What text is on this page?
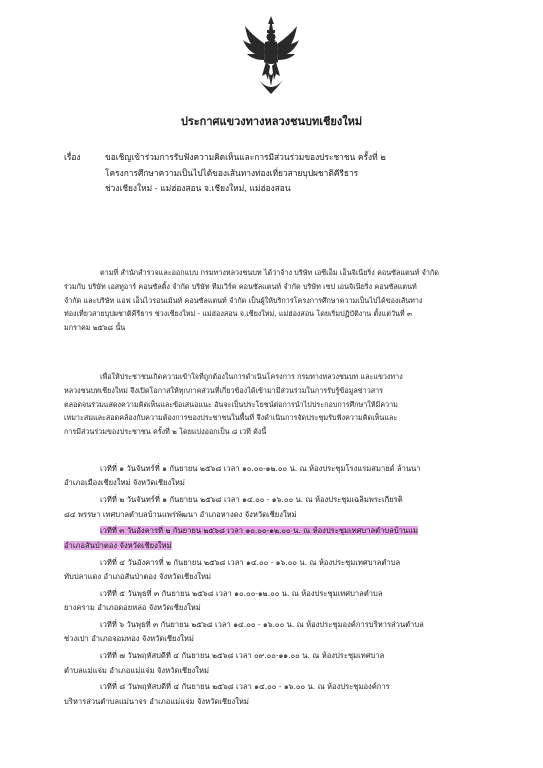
ประกาศแขวงทางหลวงชนบทเชียงใหม่
เรื่อง	ขอเชิญเข้าร่วมการรับฟังความคิดเห็นและการมีส่วนร่วมของประชาชน ครั้งที่ ๒
โครงการศึกษาความเป็นไปได้ของเส้นทางท่องเที่ยวสายบุปผชาติคีรีธาร
ช่วงเชียงใหม่ - แม่ฮ่องสอน จ.เชียงใหม่, แม่ฮ่องสอน
ตามที่ สำนักสำรวจและออกแบบ กรมทางหลวงชนบท ได้ว่าจ้าง บริษัท เอซีเอ็ม เอ็นจิเนียริ่ง คอนซัลแตนท์ จำกัด
ร่วมกับ บริษัท เอสทูอาร์ คอนซัลติ้ง จำกัด บริษัท ทีมเวิร์ค คอนซัลแตนท์ จำกัด บริษัท เซป เอนจิเนียริ่ง คอนซัลแตนท์
จำกัด และบริษัท แอฟ เอ็นไวรอนเม้นท์ คอนซัลแตนท์ จำกัด เป็นผู้ให้บริการโครงการศึกษาความเป็นไปได้ของเส้นทาง
ท่องเที่ยวสายบุปผชาติคีรีธาร ช่วงเชียงใหม่ - แม่ฮ่องสอน จ.เชียงใหม่, แม่ฮ่องสอน โดยเริ่มปฏิบัติงาน ตั้งแต่วันที่ ๓
มกราคม ๒๕๖๘ นั้น
เพื่อให้ประชาชนเกิดความเข้าใจที่ถูกต้องในการดำเนินโครงการ กรมทางหลวงชนบท และแขวงทาง
หลวงชนบทเชียงใหม่ จึงเปิดโอกาสให้ทุกภาคส่วนที่เกี่ยวข้องได้เข้ามามีส่วนร่วมในการรับรู้ข้อมูลข่าวสาร
ตลอดจนร่วมแสดงความคิดเห็นและข้อเสนอแนะ อันจะเป็นประโยชน์ต่อการนำไปประกอบการศึกษาให้มีความ
เหมาะสมและสอดคล้องกับความต้องการของประชาชนในพื้นที่ จึงดำเนินการจัดประชุมรับฟังความคิดเห็นและ
การมีส่วนร่วมของประชาชน ครั้งที่ ๒ โดยแบ่งออกเป็น ๘ เวที ดังนี้
เวทีที่ ๑ วันจันทร์ที่ ๑ กันยายน ๒๕๖๘ เวลา ๑๐.๐๐-๑๒.๐๐ น. ณ ห้องประชุมโรงแรมสมายด์ ล้านนา
อำเภอเมืองเชียงใหม่ จังหวัดเชียงใหม่
เวทีที่ ๒ วันจันทร์ที่ ๑ กันยายน ๒๕๖๘ เวลา ๑๔.๐๐ - ๑๖.๐๐ น. ณ ห้องประชุมเฉลิมพระเกียรติ
๘๔ พรรษา เทศบาลตำบลบ้านแพร่พัฒนา อำเภอหางดง จังหวัดเชียงใหม่
เวทีที่ ๓ วันอังคารที่ ๒ กันยายน ๒๕๖๘ เวลา ๑๐.๐๐-๑๒.๐๐ น. ณ ห้องประชุมเทศบาลตำบลบ้านแม
อำเภอสันป่าตอง จังหวัดเชียงใหม่
เวทีที่ ๔ วันอังคารที่ ๒ กันยายน ๒๕๖๘ เวลา ๑๔.๐๐ - ๑๖.๐๐ น. ณ ห้องประชุมเทศบาลตำบล
ทับปลาแดง อำเภอสันป่าตอง จังหวัดเชียงใหม่
เวทีที่ ๕ วันพุธที่ ๓ กันยายน ๒๕๖๘ เวลา ๑๐.๐๐-๑๒.๐๐ น. ณ ห้องประชุมเทศบาลตำบล
ยางคราม อำเภอดอยหล่อ จังหวัดเชียงใหม่
เวทีที่ ๖ วันพุธที่ ๓ กันยายน ๒๕๖๘ เวลา ๑๔.๐๐ - ๑๖.๐๐ น. ณ ห้องประชุมองค์การบริหารส่วนตำบล
ช่วงเปา อำเภอจอมทอง จังหวัดเชียงใหม่
เวทีที่ ๗ วันพฤหัสบดีที่ ๔ กันยายน ๒๕๖๘ เวลา ๐๙.๐๐-๑๑.๐๐ น. ณ ห้องประชุมเทศบาล
ตำบลแม่แจ่ม อำเภอแม่แจ่ม จังหวัดเชียงใหม่
เวทีที่ ๘ วันพฤหัสบดีที่ ๔ กันยายน ๒๕๖๘ เวลา ๑๔.๐๐ - ๑๖.๐๐ น. ณ ห้องประชุมองค์การ
บริหารส่วนตำบลแม่นาจร อำเภอแม่แจ่ม จังหวัดเชียงใหม่
